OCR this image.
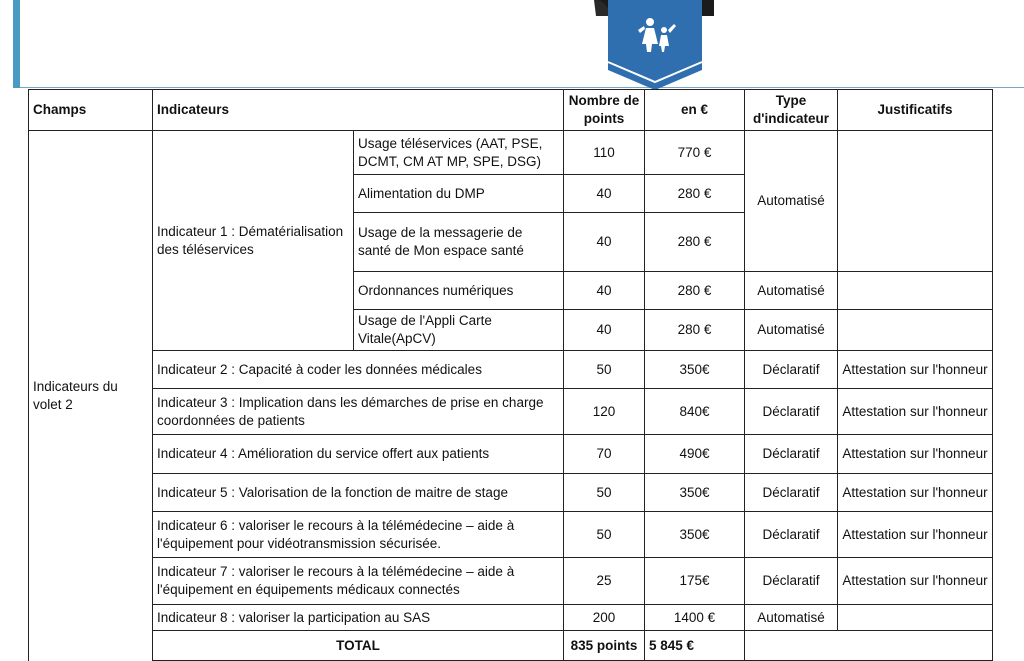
Champs	Indicateurs		Nombre de points	en €	Type d'indicateur	Justificatifs
Indicateurs du volet 2	Indicateur 1 : Dématérialisation des téléservices	Usage téléservices (AAT, PSE, DCMT, CM AT MP, SPE, DSG)	110	770 €	Automatisé	
		Alimentation du DMP	40	280 €		
		Usage de la messagerie de santé de Mon espace santé	40	280 €		
		Ordonnances numériques	40	280 €	Automatisé	
		Usage de l'Appli Carte Vitale(ApCV)	40	280 €	Automatisé	
	Indicateur 2 : Capacité à coder les données médicales		50	350€	Déclaratif	Attestation sur l'honneur
	Indicateur 3 : Implication dans les démarches de prise en charge coordonnées de patients		120	840€	Déclaratif	Attestation sur l'honneur
	Indicateur 4 : Amélioration du service offert aux patients		70	490€	Déclaratif	Attestation sur l'honneur
	Indicateur 5 : Valorisation de la fonction de maitre de stage		50	350€	Déclaratif	Attestation sur l'honneur
	Indicateur 6 : valoriser le recours à la télémédecine – aide à l'équipement pour vidéotransmission sécurisée.		50	350€	Déclaratif	Attestation sur l'honneur
	Indicateur 7 : valoriser le recours à la télémédecine – aide à l'équipement en équipements médicaux connectés		25	175€	Déclaratif	Attestation sur l'honneur
	Indicateur 8 : valoriser la participation au SAS		200	1400 €	Automatisé	
	TOTAL		835 points	5 845 €		
